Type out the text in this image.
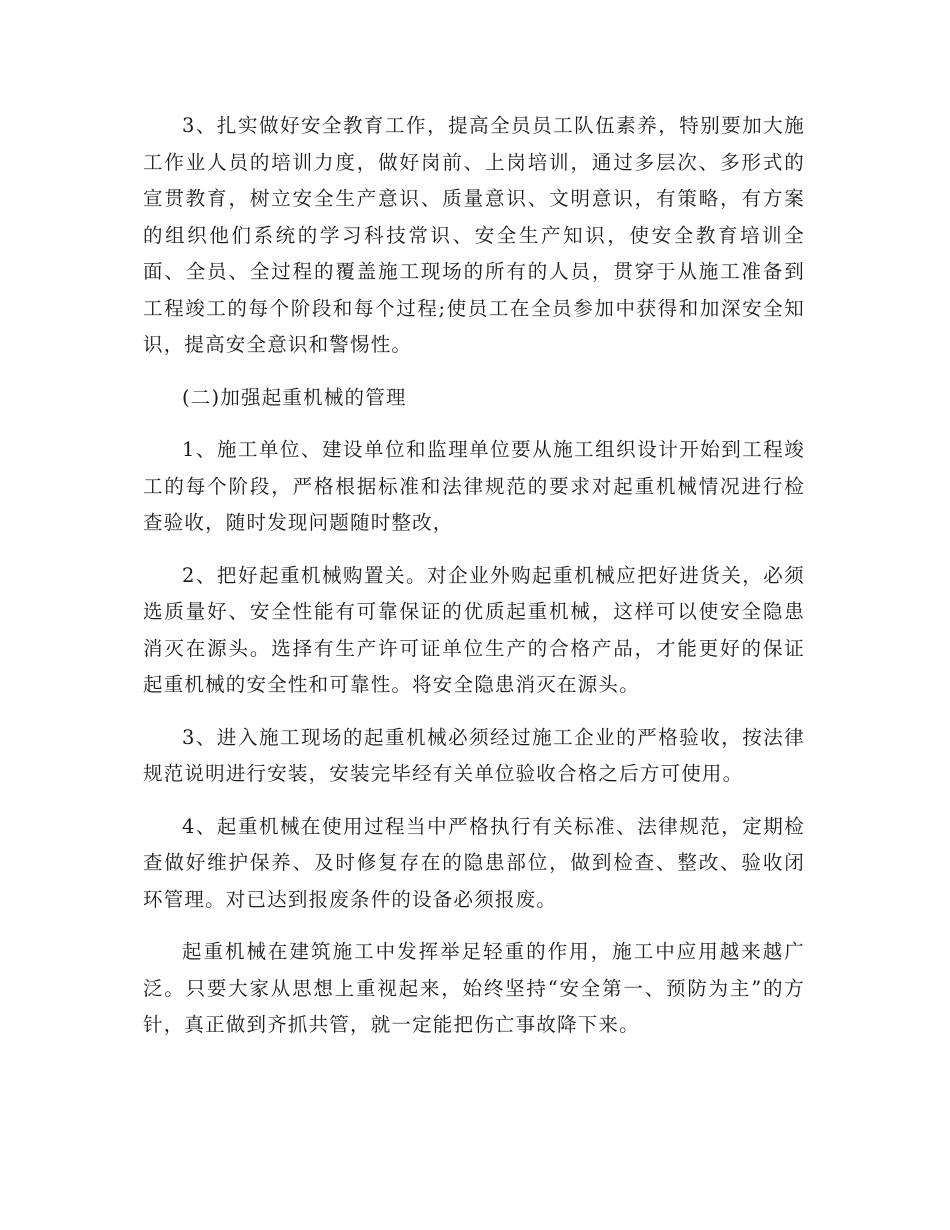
3、扎实做好安全教育工作，提高全员员工队伍素养，特别要加大施工作业人员的培训力度，做好岗前、上岗培训，通过多层次、多形式的宣贯教育，树立安全生产意识、质量意识、文明意识，有策略，有方案的组织他们系统的学习科技常识、安全生产知识，使安全教育培训全面、全员、全过程的覆盖施工现场的所有的人员，贯穿于从施工准备到工程竣工的每个阶段和每个过程;使员工在全员参加中获得和加深安全知识，提高安全意识和警惕性。

(二)加强起重机械的管理

1、施工单位、建设单位和监理单位要从施工组织设计开始到工程竣工的每个阶段，严格根据标准和法律规范的要求对起重机械情况进行检查验收，随时发现问题随时整改，

2、把好起重机械购置关。对企业外购起重机械应把好进货关，必须选质量好、安全性能有可靠保证的优质起重机械，这样可以使安全隐患消灭在源头。选择有生产许可证单位生产的合格产品，才能更好的保证起重机械的安全性和可靠性。将安全隐患消灭在源头。

3、进入施工现场的起重机械必须经过施工企业的严格验收，按法律规范说明进行安装，安装完毕经有关单位验收合格之后方可使用。

4、起重机械在使用过程当中严格执行有关标准、法律规范，定期检查做好维护保养、及时修复存在的隐患部位，做到检查、整改、验收闭环管理。对已达到报废条件的设备必须报废。

起重机械在建筑施工中发挥举足轻重的作用，施工中应用越来越广泛。只要大家从思想上重视起来，始终坚持“安全第一、预防为主”的方针，真正做到齐抓共管，就一定能把伤亡事故降下来。
